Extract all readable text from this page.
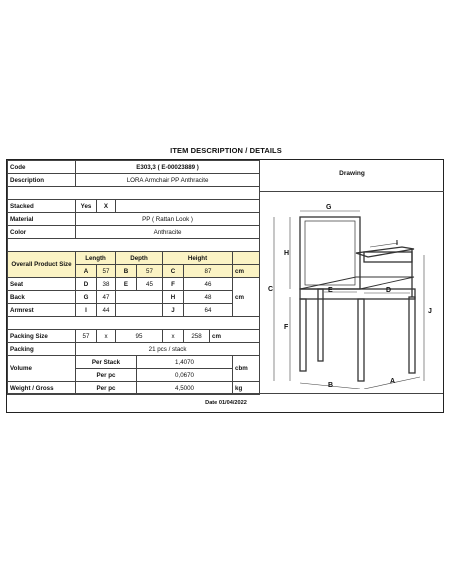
ITEM DESCRIPTION / DETAILS
Code	E303,3 ( E-00023889 )							
Description	LORA Armchair PP Anthracite							

Stacked	Yes	X						
Material	PP ( Rattan Look )							
Color	Anthracite							

Overall Product Size	Length		Depth		Height			
	A	57	B	57	C	87		cm
Seat	D	38	E	45	F	46		
Back	G	47			H	48		cm
Armrest	I	44			J	64		

Packing Size	57	x	95		x	258	cm	
Packing	21 pcs / stack							
Volume	Per Stack			1,4070				cbm
	Per pc			0,0670				
Weight / Gross	Per pc			4,5000				kg
Drawing
G
H
C
F
E	D
I
J
B
A
Date 01/04/2022
